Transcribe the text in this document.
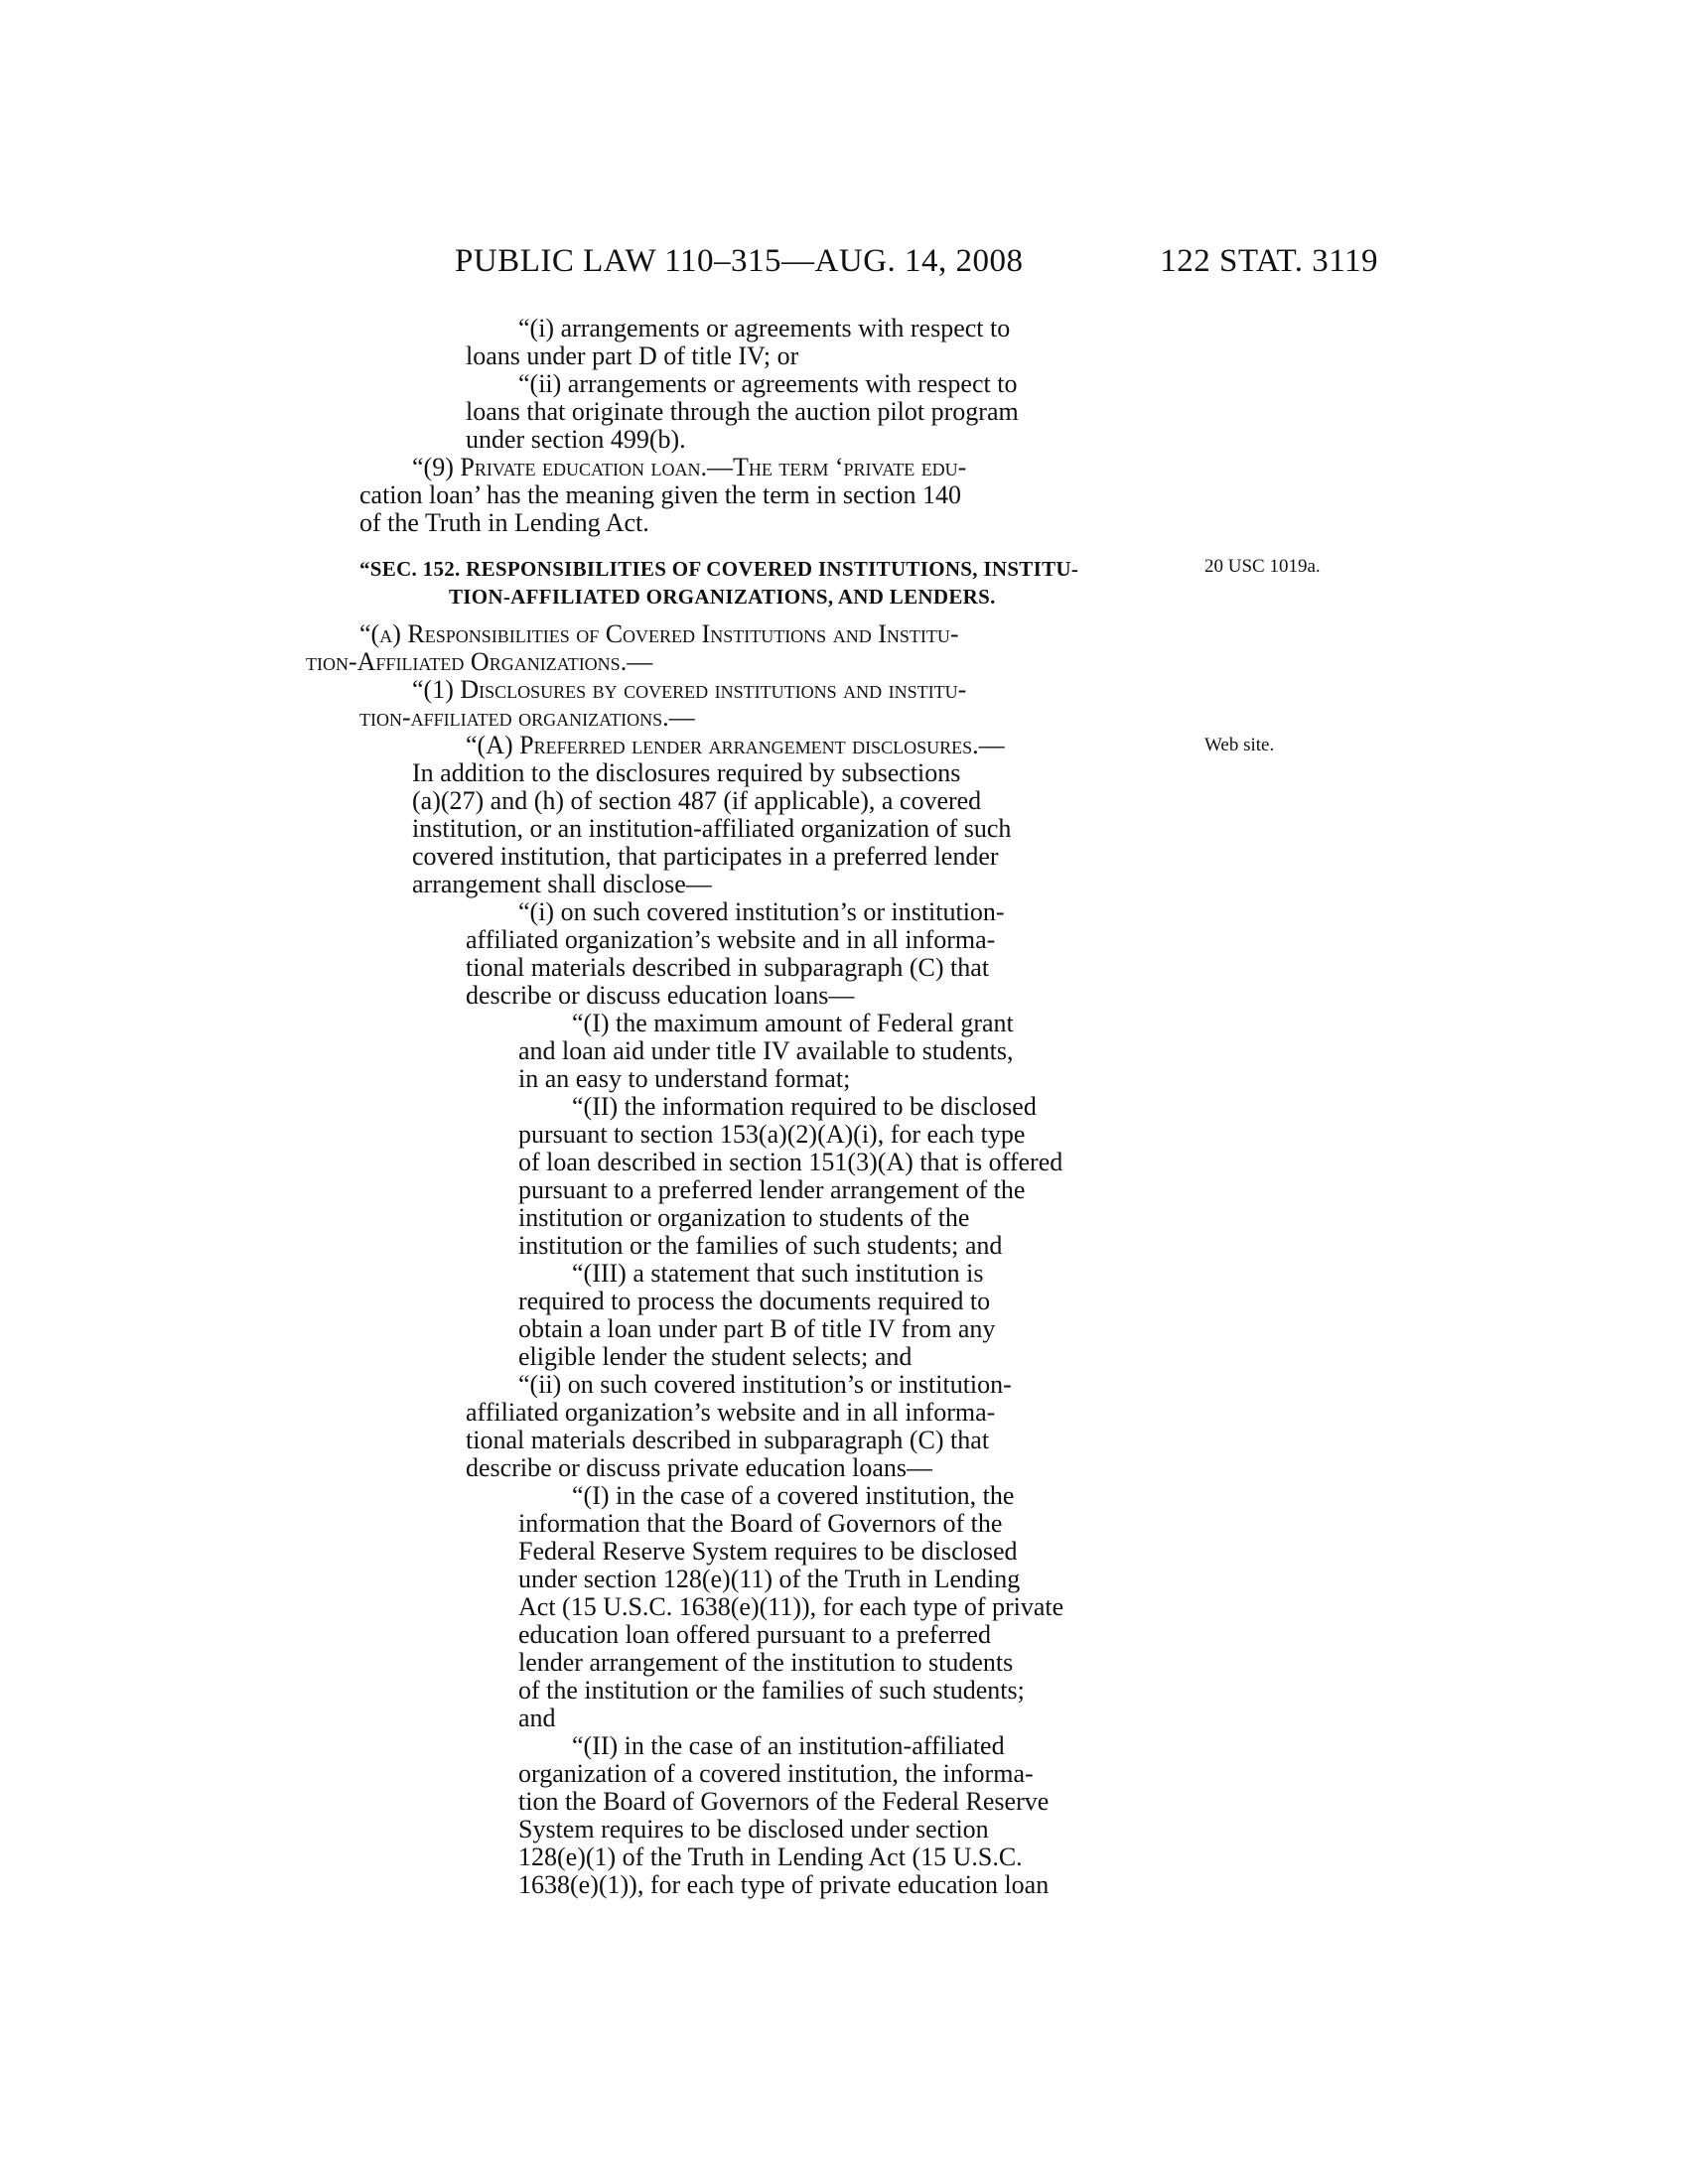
PUBLIC LAW 110–315—AUG. 14, 2008	122 STAT. 3119
“(i) arrangements or agreements with respect to
loans under part D of title IV; or
“(ii) arrangements or agreements with respect to
loans that originate through the auction pilot program
under section 499(b).
“(9) Private education loan.—The term ‘private edu-
cation loan’ has the meaning given the term in section 140
of the Truth in Lending Act.
“SEC. 152. RESPONSIBILITIES OF COVERED INSTITUTIONS, INSTITU-	20 USC 1019a.
TION-AFFILIATED ORGANIZATIONS, AND LENDERS.
“(a) Responsibilities of Covered Institutions and Institu-
tion-Affiliated Organizations.—
“(1) Disclosures by covered institutions and institu-
tion-affiliated organizations.—
“(A) Preferred lender arrangement disclosures.—	Web site.
In addition to the disclosures required by subsections
(a)(27) and (h) of section 487 (if applicable), a covered
institution, or an institution-affiliated organization of such
covered institution, that participates in a preferred lender
arrangement shall disclose—
“(i) on such covered institution’s or institution-
affiliated organization’s website and in all informa-
tional materials described in subparagraph (C) that
describe or discuss education loans—
“(I) the maximum amount of Federal grant
and loan aid under title IV available to students,
in an easy to understand format;
“(II) the information required to be disclosed
pursuant to section 153(a)(2)(A)(i), for each type
of loan described in section 151(3)(A) that is offered
pursuant to a preferred lender arrangement of the
institution or organization to students of the
institution or the families of such students; and
“(III) a statement that such institution is
required to process the documents required to
obtain a loan under part B of title IV from any
eligible lender the student selects; and
“(ii) on such covered institution’s or institution-
affiliated organization’s website and in all informa-
tional materials described in subparagraph (C) that
describe or discuss private education loans—
“(I) in the case of a covered institution, the
information that the Board of Governors of the
Federal Reserve System requires to be disclosed
under section 128(e)(11) of the Truth in Lending
Act (15 U.S.C. 1638(e)(11)), for each type of private
education loan offered pursuant to a preferred
lender arrangement of the institution to students
of the institution or the families of such students;
and
“(II) in the case of an institution-affiliated
organization of a covered institution, the informa-
tion the Board of Governors of the Federal Reserve
System requires to be disclosed under section
128(e)(1) of the Truth in Lending Act (15 U.S.C.
1638(e)(1)), for each type of private education loan
